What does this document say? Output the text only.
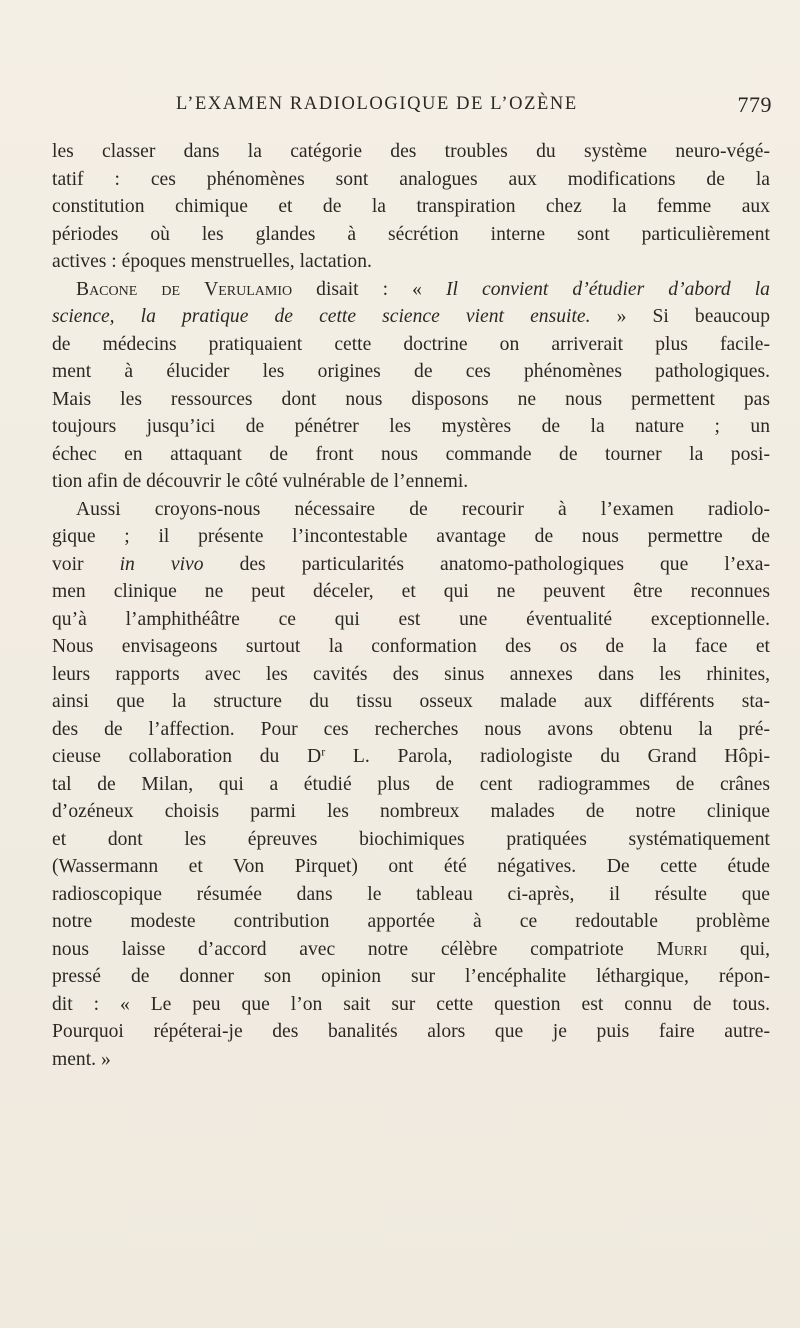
L’EXAMEN RADIOLOGIQUE DE L’OZÈNE	779
les classer dans la catégorie des troubles du système neuro-végé-
tatif : ces phénomènes sont analogues aux modifications de la
constitution chimique et de la transpiration chez la femme aux
périodes où les glandes à sécrétion interne sont particulièrement
actives : époques menstruelles, lactation.
Bacone de Verulamio disait : « Il convient d’étudier d’abord la
science, la pratique de cette science vient ensuite. » Si beaucoup
de médecins pratiquaient cette doctrine on arriverait plus facile-
ment à élucider les origines de ces phénomènes pathologiques.
Mais les ressources dont nous disposons ne nous permettent pas
toujours jusqu’ici de pénétrer les mystères de la nature ; un
échec en attaquant de front nous commande de tourner la posi-
tion afin de découvrir le côté vulnérable de l’ennemi.
Aussi croyons-nous nécessaire de recourir à l’examen radiolo-
gique ; il présente l’incontestable avantage de nous permettre de
voir in vivo des particularités anatomo-pathologiques que l’exa-
men clinique ne peut déceler, et qui ne peuvent être reconnues
qu’à l’amphithéâtre ce qui est une éventualité exceptionnelle.
Nous envisageons surtout la conformation des os de la face et
leurs rapports avec les cavités des sinus annexes dans les rhinites,
ainsi que la structure du tissu osseux malade aux différents sta-
des de l’affection. Pour ces recherches nous avons obtenu la pré-
cieuse collaboration du $D^r$ L. Parola, radiologiste du Grand Hôpi-
tal de Milan, qui a étudié plus de cent radiogrammes de crânes
d’ozéneux choisis parmi les nombreux malades de notre clinique
et dont les épreuves biochimiques pratiquées systématiquement
(Wassermann et Von Pirquet) ont été négatives. De cette étude
radioscopique résumée dans le tableau ci-après, il résulte que
notre modeste contribution apportée à ce redoutable problème
nous laisse d’accord avec notre célèbre compatriote Murri qui,
pressé de donner son opinion sur l’encéphalite léthargique, répon-
dit : « Le peu que l’on sait sur cette question est connu de tous.
Pourquoi répéterai-je des banalités alors que je puis faire autre-
ment. »
